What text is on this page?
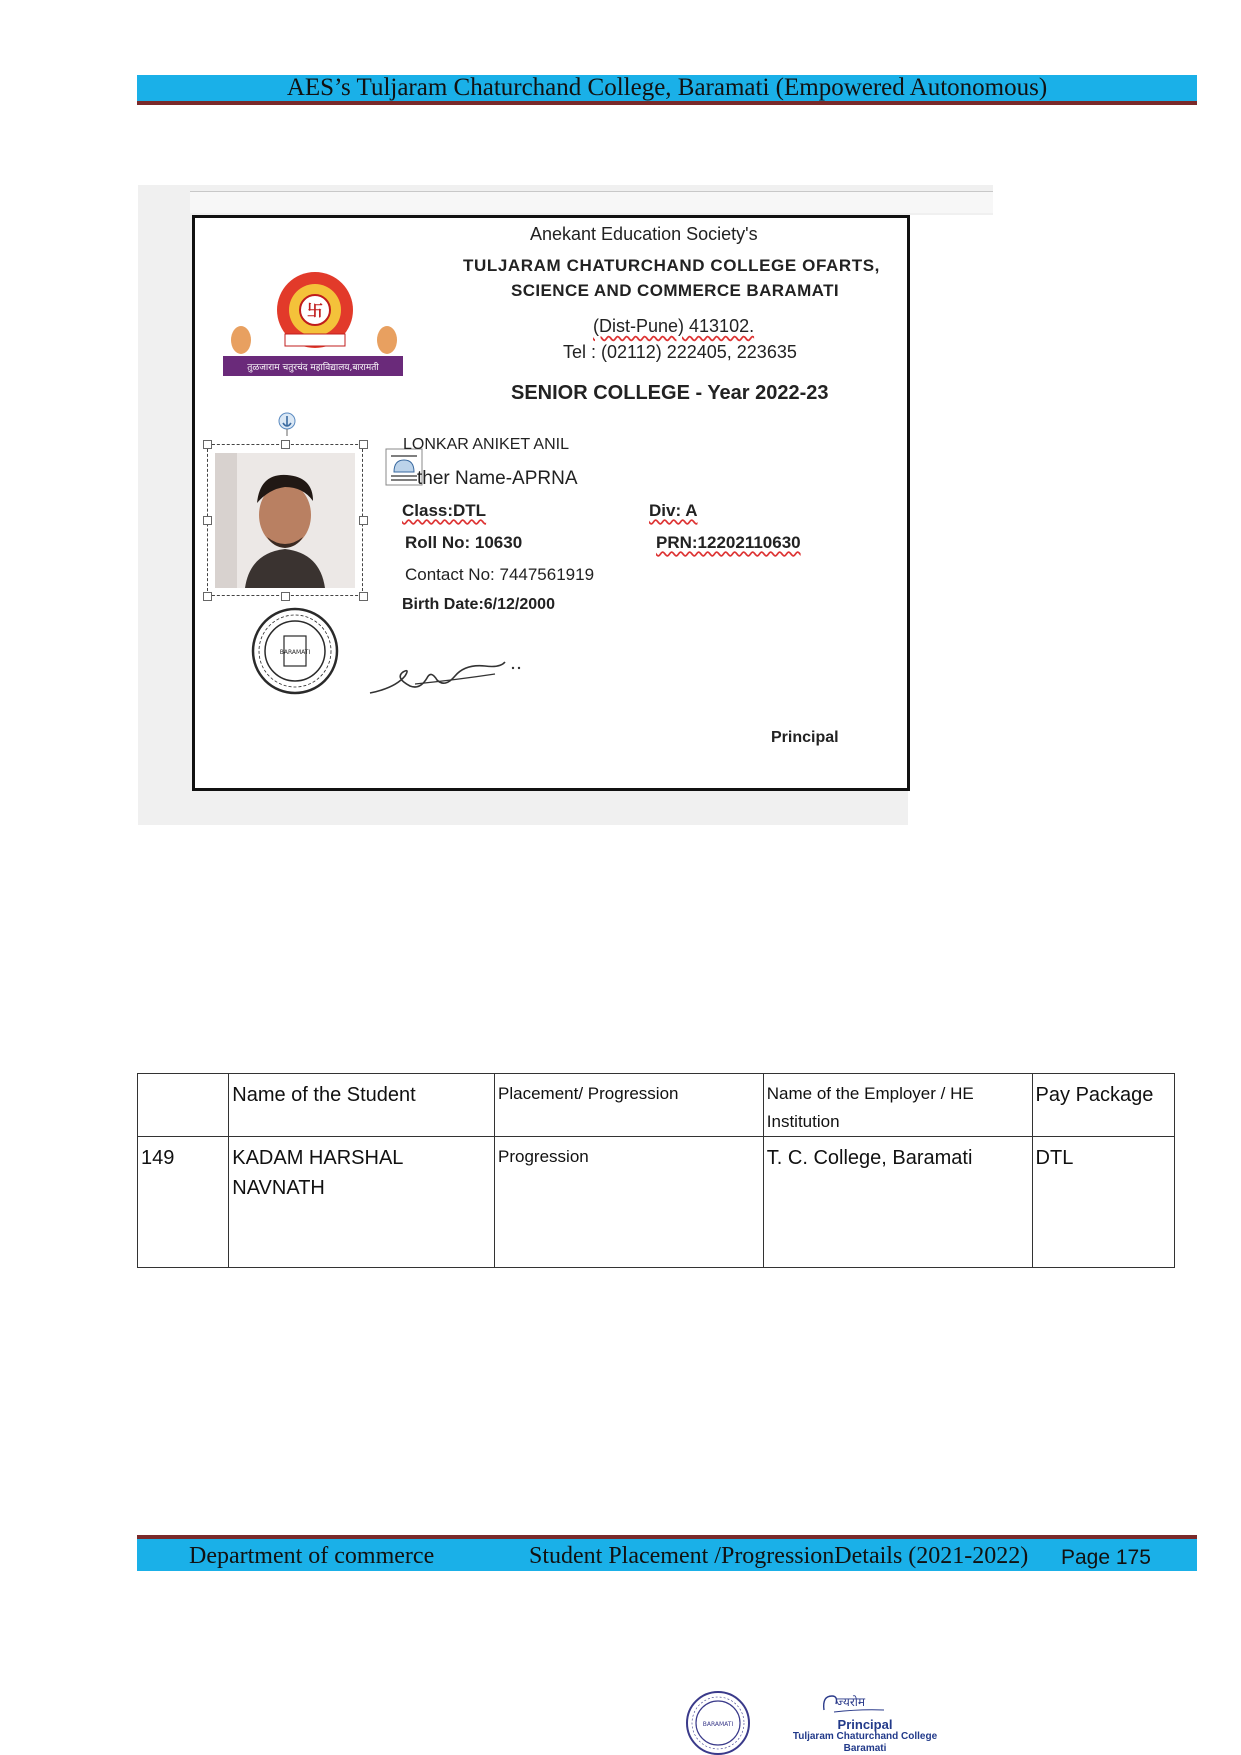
AES’s Tuljaram Chaturchand College, Baramati (Empowered Autonomous)
卐
तुळजाराम चतुरचंद महाविद्यालय,बारामती
Anekant Education Society's
TULJARAM CHATURCHAND COLLEGE OFARTS,
SCIENCE AND COMMERCE BARAMATI
(Dist-Pune) 413102.
Tel : (02112) 222405, 223635
SENIOR COLLEGE - Year 2022-23
LONKAR ANIKET ANIL
ther Name-APRNA
Class:DTL	Div: A
Roll No: 10630	PRN:12202110630
Contact No: 7447561919
Birth Date:6/12/2000
BARAMATI
Principal
	Name of the Student	Placement/ Progression	Name of the Employer / HE Institution	Pay Package
149	KADAM HARSHAL NAVNATH	Progression	T. C. College, Baramati	DTL
Department of commerce	Student Placement /ProgressionDetails (2021-2022) Page 175
BARAMATI
ज्यरोम
Principal
Tuljaram Chaturchand College
Baramati
